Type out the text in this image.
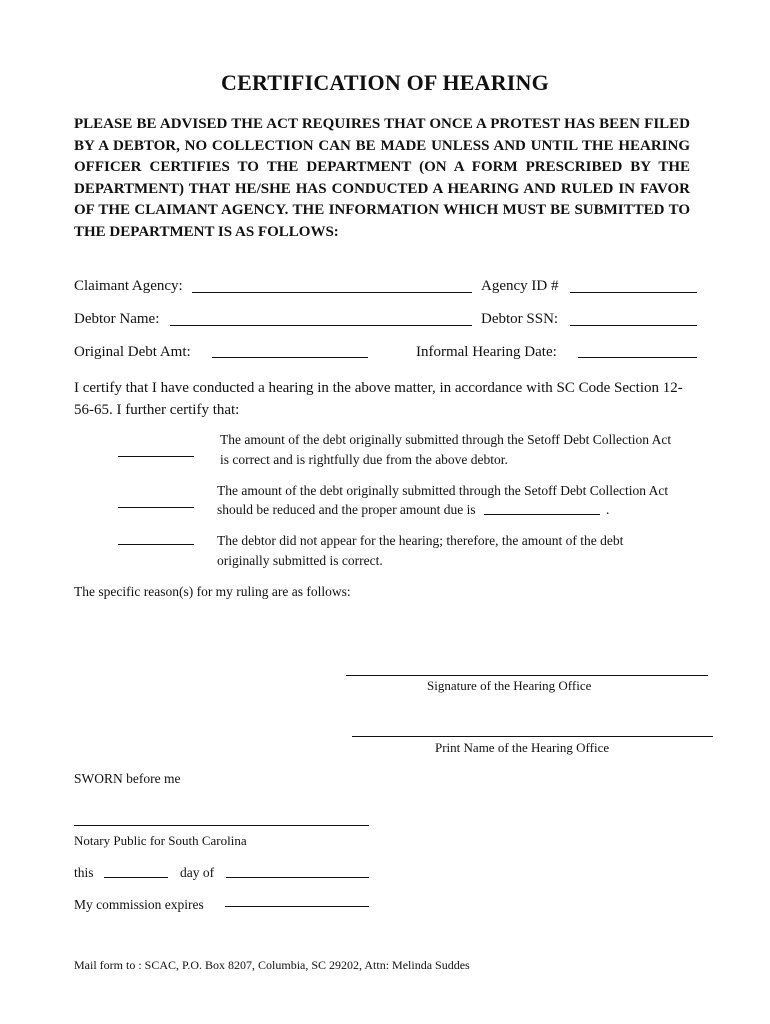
CERTIFICATION OF HEARING
PLEASE BE ADVISED THE ACT REQUIRES THAT ONCE A PROTEST HAS BEEN FILED BY A DEBTOR, NO COLLECTION CAN BE MADE UNLESS AND UNTIL THE HEARING OFFICER CERTIFIES TO THE DEPARTMENT (ON A FORM PRESCRIBED BY THE DEPARTMENT) THAT HE/SHE HAS CONDUCTED A HEARING AND RULED IN FAVOR OF THE CLAIMANT AGENCY. THE INFORMATION WHICH MUST BE SUBMITTED TO THE DEPARTMENT IS AS FOLLOWS:
Claimant Agency:	Agency ID #
Debtor Name:	Debtor SSN:
Original Debt Amt:	Informal Hearing Date:
I certify that I have conducted a hearing in the above matter, in accordance with SC Code Section 12-56-65. I further certify that:
The amount of the debt originally submitted through the Setoff Debt Collection Act
is correct and is rightfully due from the above debtor.
The amount of the debt originally submitted through the Setoff Debt Collection Act
should be reduced and the proper amount due is	.
The debtor did not appear for the hearing; therefore, the amount of the debt
originally submitted is correct.
The specific reason(s) for my ruling are as follows:
Signature of the Hearing Office
Print Name of the Hearing Office
SWORN before me
Notary Public for South Carolina
this	day of
My commission expires
Mail form to : SCAC, P.O. Box 8207, Columbia, SC 29202, Attn: Melinda Suddes
